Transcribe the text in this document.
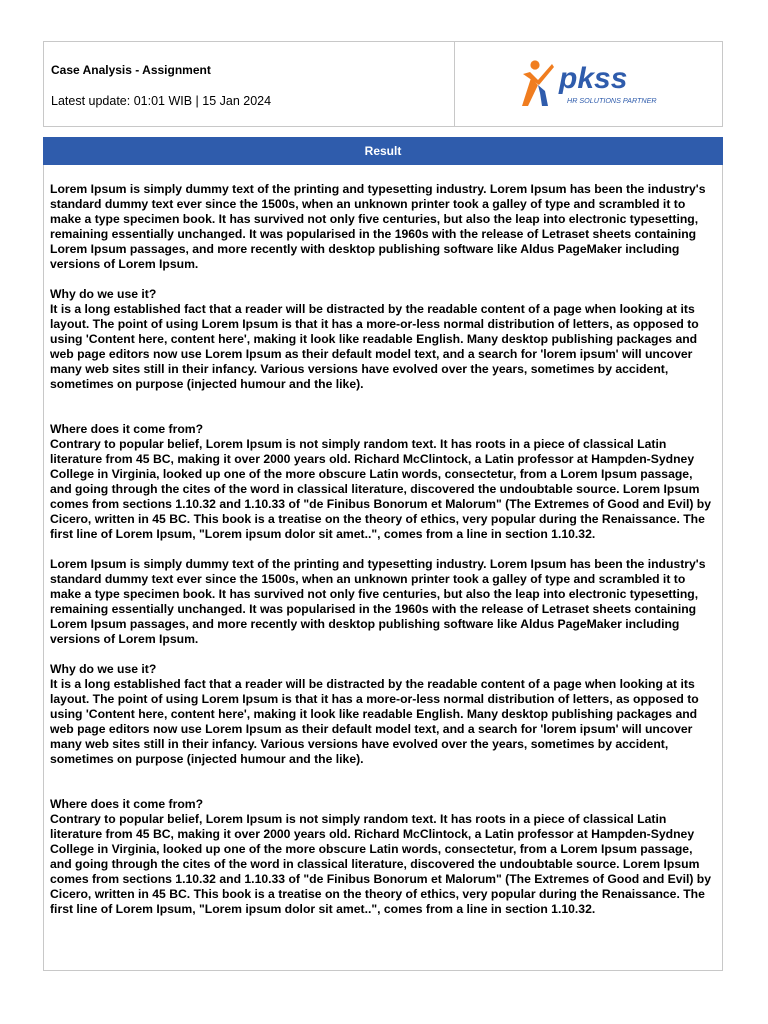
Case Analysis - Assignment
Latest update: 01:01 WIB | 15 Jan 2024
pkss
HR SOLUTIONS PARTNER
Result

Lorem Ipsum is simply dummy text of the printing and typesetting industry. Lorem Ipsum has been the industry's standard dummy text ever since the 1500s, when an unknown printer took a galley of type and scrambled it to make a type specimen book. It has survived not only five centuries, but also the leap into electronic typesetting, remaining essentially unchanged. It was popularised in the 1960s with the release of Letraset sheets containing Lorem Ipsum passages, and more recently with desktop publishing software like Aldus PageMaker including versions of Lorem Ipsum.

Why do we use it?

It is a long established fact that a reader will be distracted by the readable content of a page when looking at its layout. The point of using Lorem Ipsum is that it has a more-or-less normal distribution of letters, as opposed to using 'Content here, content here', making it look like readable English. Many desktop publishing packages and web page editors now use Lorem Ipsum as their default model text, and a search for 'lorem ipsum' will uncover many web sites still in their infancy. Various versions have evolved over the years, sometimes by accident, sometimes on purpose (injected humour and the like).

Where does it come from?

Contrary to popular belief, Lorem Ipsum is not simply random text. It has roots in a piece of classical Latin literature from 45 BC, making it over 2000 years old. Richard McClintock, a Latin professor at Hampden-Sydney College in Virginia, looked up one of the more obscure Latin words, consectetur, from a Lorem Ipsum passage, and going through the cites of the word in classical literature, discovered the undoubtable source. Lorem Ipsum comes from sections 1.10.32 and 1.10.33 of "de Finibus Bonorum et Malorum" (The Extremes of Good and Evil) by Cicero, written in 45 BC. This book is a treatise on the theory of ethics, very popular during the Renaissance. The first line of Lorem Ipsum, "Lorem ipsum dolor sit amet..", comes from a line in section 1.10.32.

Lorem Ipsum is simply dummy text of the printing and typesetting industry. Lorem Ipsum has been the industry's standard dummy text ever since the 1500s, when an unknown printer took a galley of type and scrambled it to make a type specimen book. It has survived not only five centuries, but also the leap into electronic typesetting, remaining essentially unchanged. It was popularised in the 1960s with the release of Letraset sheets containing Lorem Ipsum passages, and more recently with desktop publishing software like Aldus PageMaker including versions of Lorem Ipsum.

Why do we use it?

It is a long established fact that a reader will be distracted by the readable content of a page when looking at its layout. The point of using Lorem Ipsum is that it has a more-or-less normal distribution of letters, as opposed to using 'Content here, content here', making it look like readable English. Many desktop publishing packages and web page editors now use Lorem Ipsum as their default model text, and a search for 'lorem ipsum' will uncover many web sites still in their infancy. Various versions have evolved over the years, sometimes by accident, sometimes on purpose (injected humour and the like).

Where does it come from?

Contrary to popular belief, Lorem Ipsum is not simply random text. It has roots in a piece of classical Latin literature from 45 BC, making it over 2000 years old. Richard McClintock, a Latin professor at Hampden-Sydney College in Virginia, looked up one of the more obscure Latin words, consectetur, from a Lorem Ipsum passage, and going through the cites of the word in classical literature, discovered the undoubtable source. Lorem Ipsum comes from sections 1.10.32 and 1.10.33 of "de Finibus Bonorum et Malorum" (The Extremes of Good and Evil) by Cicero, written in 45 BC. This book is a treatise on the theory of ethics, very popular during the Renaissance. The first line of Lorem Ipsum, "Lorem ipsum dolor sit amet..", comes from a line in section 1.10.32.
